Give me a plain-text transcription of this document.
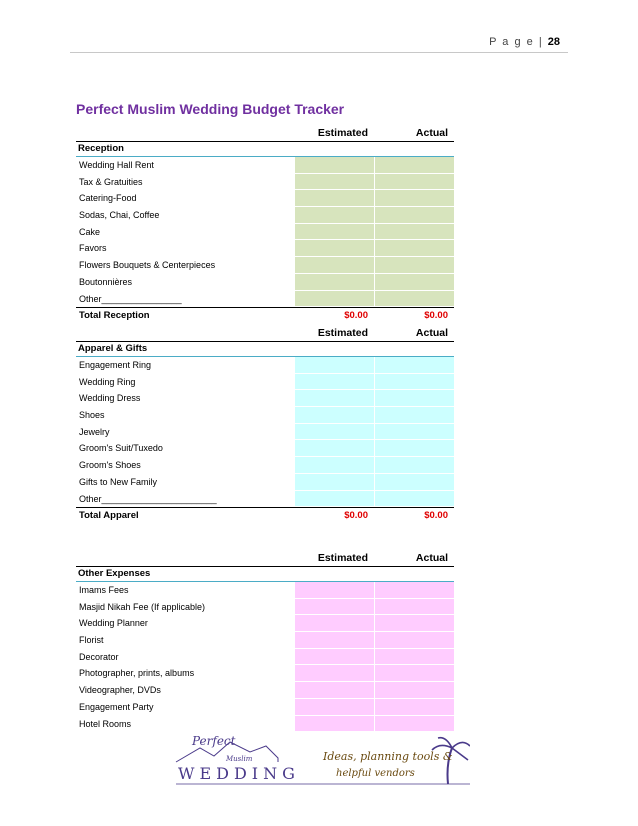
P a g e | 28
Perfect Muslim Wedding Budget Tracker
Estimated	Actual
Reception
Wedding Hall Rent
Tax & Gratuities
Catering-Food
Sodas, Chai, Coffee
Cake
Favors
Flowers Bouquets & Centerpieces
Boutonnières
Other________________
Total Reception	$0.00	$0.00
Estimated	Actual
Apparel & Gifts
Engagement Ring
Wedding Ring
Wedding Dress
Shoes
Jewelry
Groom's Suit/Tuxedo
Groom's Shoes
Gifts to New Family
Other_______________________
Total Apparel	$0.00	$0.00
Estimated	Actual
Other Expenses
Imams Fees
Masjid Nikah Fee (If applicable)
Wedding Planner
Florist
Decorator
Photographer, prints, albums
Videographer, DVDs
Engagement Party
Hotel Rooms
Perfect
Muslim
WEDDING
Ideas, planning tools &
helpful vendors
